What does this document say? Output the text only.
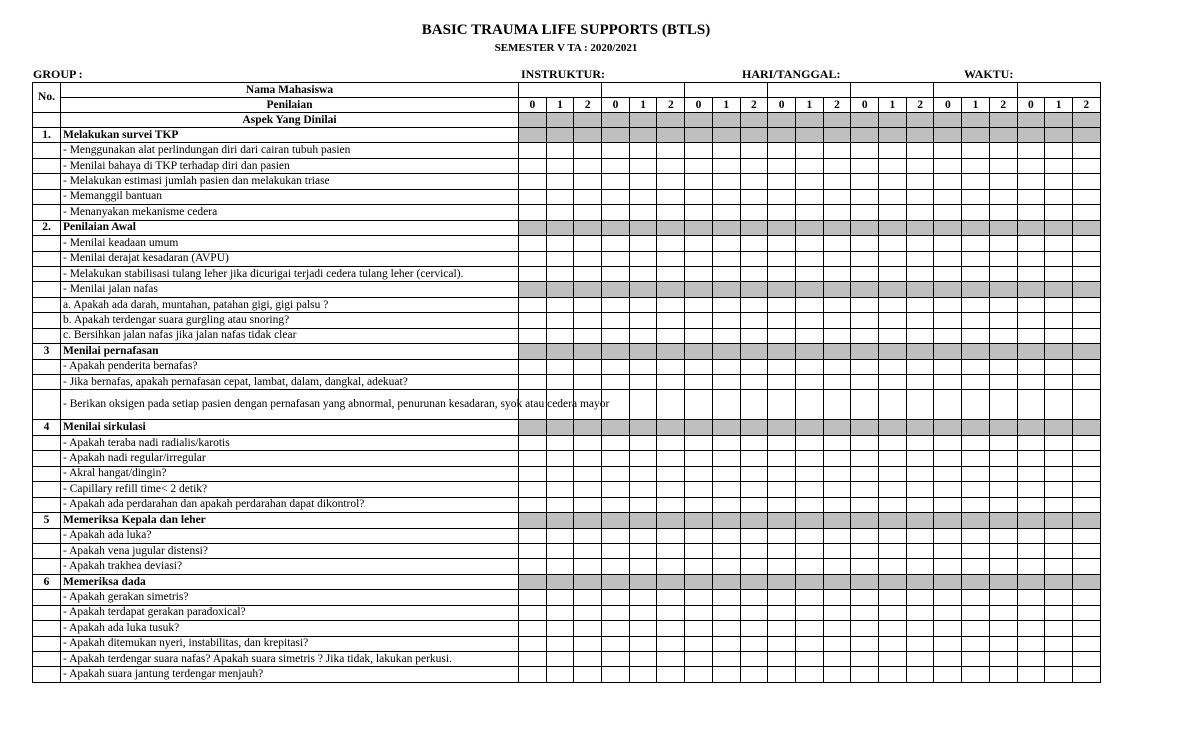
BASIC TRAUMA LIFE SUPPORTS (BTLS)
SEMESTER V TA : 2020/2021
GROUP :	INSTRUKTUR:	HARI/TANGGAL:	WAKTU:
No.	Nama Mahasiswa																					
	Penilaian	0	1	2	0	1	2	0	1	2	0	1	2	0	1	2	0	1	2	0	1	2
	Aspek Yang Dinilai																					
1.	Melakukan survei TKP																					
	- Menggunakan alat perlindungan diri dari cairan tubuh pasien																					
	- Menilai bahaya di TKP terhadap diri dan pasien																					
	- Melakukan estimasi jumlah pasien dan melakukan triase																					
	- Memanggil bantuan																					
	- Menanyakan mekanisme cedera																					
2.	Penilaian Awal																					
	- Menilai keadaan umum																					
	- Menilai derajat kesadaran (AVPU)																					
	- Melakukan stabilisasi tulang leher jika dicurigai terjadi cedera tulang leher (cervical).																					
	- Menilai jalan nafas																					
	a. Apakah ada darah, muntahan, patahan gigi, gigi palsu ?																					
	b. Apakah terdengar suara gurgling atau snoring?																					
	c. Bersihkan jalan nafas jika jalan nafas tidak clear																					
3	Menilai pernafasan																					
	- Apakah penderita bernafas?																					
	- Jika bernafas, apakah pernafasan cepat, lambat, dalam, dangkal, adekuat?																					
	- Berikan oksigen pada setiap pasien dengan pernafasan yang abnormal, penurunan kesadaran, syok atau cedera mayor																					
4	Menilai sirkulasi																					
	- Apakah teraba nadi radialis/karotis																					
	- Apakah nadi regular/irregular																					
	- Akral hangat/dingin?																					
	- Capillary refill time< 2 detik?																					
	- Apakah ada perdarahan dan apakah perdarahan dapat dikontrol?																					
5	Memeriksa Kepala dan leher																					
	- Apakah ada luka?																					
	- Apakah vena jugular distensi?																					
	- Apakah trakhea deviasi?																					
6	Memeriksa dada																					
	- Apakah gerakan simetris?																					
	- Apakah terdapat gerakan paradoxical?																					
	- Apakah ada luka tusuk?																					
	- Apakah ditemukan nyeri, instabilitas, dan krepitasi?																					
	- Apakah terdengar suara nafas? Apakah suara simetris ? Jika tidak, lakukan perkusi.																					
	- Apakah suara jantung terdengar menjauh?																					
